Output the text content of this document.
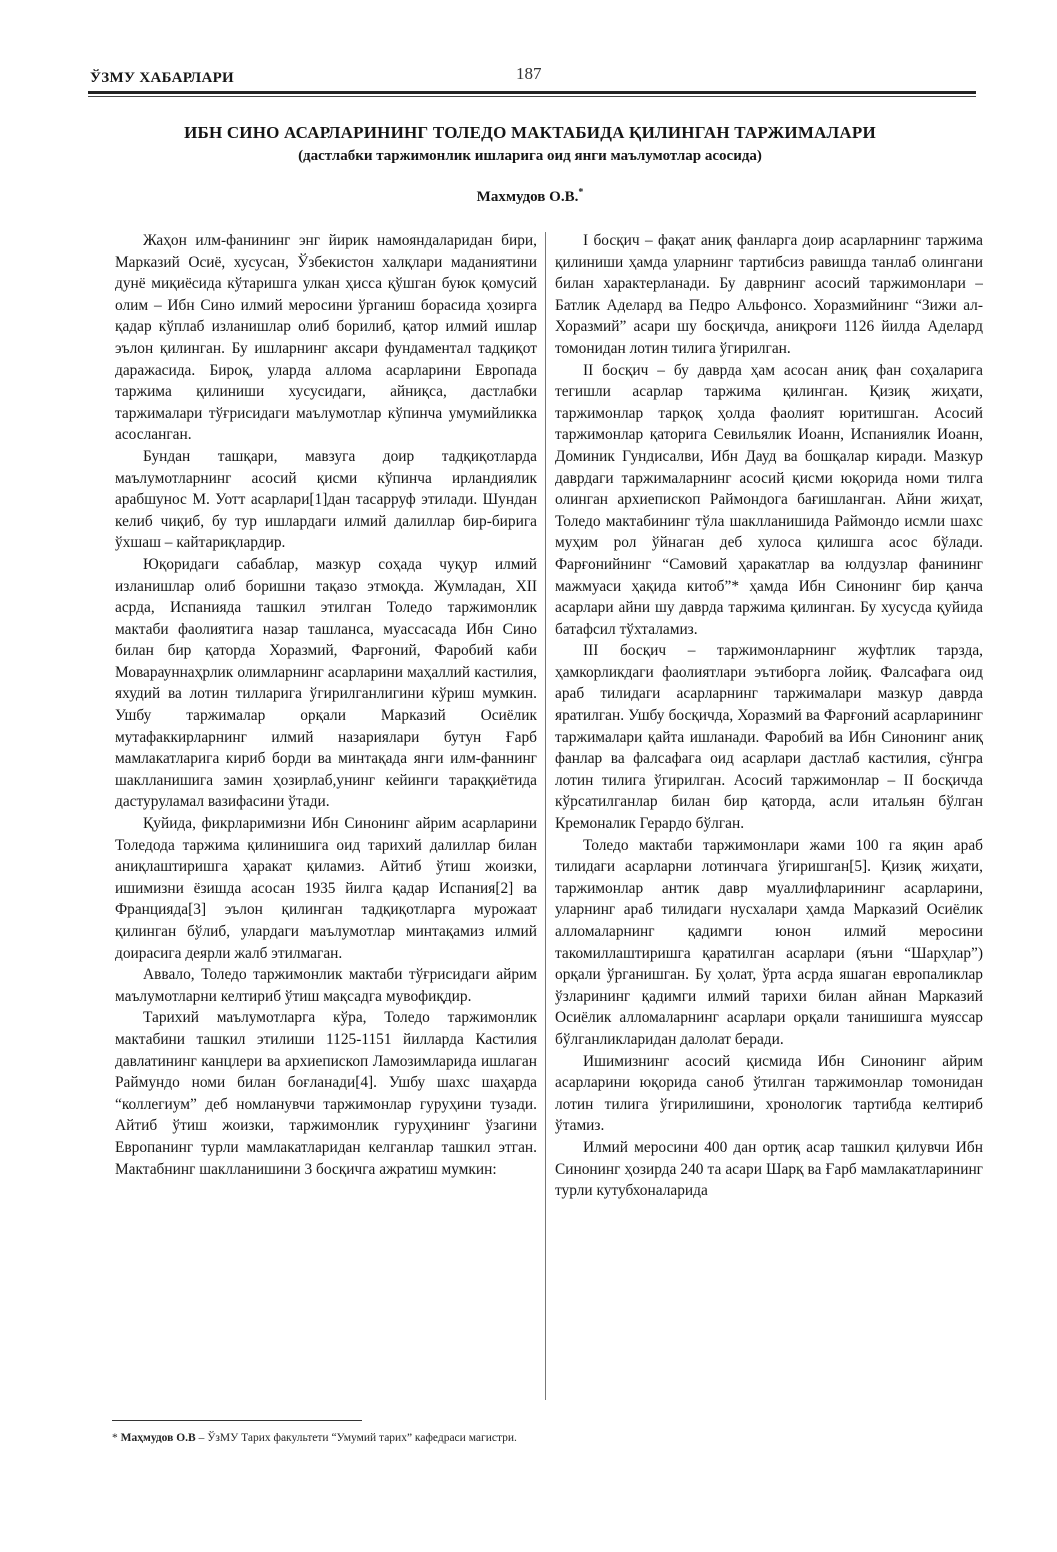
ЎЗМУ ХАБАРЛАРИ	187
ИБН СИНО АСАРЛАРИНИНГ ТОЛЕДО МАКТАБИДА ҚИЛИНГАН ТАРЖИМАЛАРИ
(дастлабки таржимонлик ишларига оид янги маълумотлар асосида)
Махмудов О.В.*

Жаҳон илм-фанининг энг йирик намояндаларидан бири, Марказий Осиё, хусусан, Ўзбекистон халқлари маданиятини дунё миқиёсида кўтаришга улкан ҳисса қўшган буюк қомусий олим – Ибн Сино илмий меросини ўрганиш борасида ҳозирга қадар кўплаб изланишлар олиб борилиб, қатор илмий ишлар эълон қилинган. Бу ишларнинг аксари фундаментал тадқиқот даражасида. Бироқ, уларда аллома асарларини Европада таржима қилиниши хусусидаги, айниқса, дастлабки таржималари тўғрисидаги маълумотлар кўпинча умумийликка асосланган.

Бундан ташқари, мавзуга доир тадқиқотларда маълумотларнинг асосий қисми кўпинча ирландиялик арабшунос М. Уотт асарлари[1]дан тасарруф этилади. Шундан келиб чиқиб, бу тур ишлардаги илмий далиллар бир-бирига ўхшаш – кайтариқлардир.

Юқоридаги сабаблар, мазкур соҳада чуқур илмий изланишлар олиб боришни тақазо этмоқда. Жумладан, XII асрда, Испанияда ташкил этилган Толедо таржимонлик мактаби фаолиятига назар ташланса, муассасада Ибн Сино билан бир қаторда Хоразмий, Фарғоний, Фаробий каби Моварауннаҳрлик олимларнинг асарларини маҳаллий кастилия, яхудий ва лотин тилларига ўгирилганлигини кўриш мумкин. Ушбу таржималар орқали Марказий Осиёлик мутафаккирларнинг илмий назариялари бутун Ғарб мамлакатларига кириб борди ва минтақада янги илм-фаннинг шаклланишига замин ҳозирлаб,унинг кейинги тараққиётида дастуруламал вазифасини ўтади.

Қуйида, фикрларимизни Ибн Синонинг айрим асарларини Толедода таржима қилинишига оид тарихий далиллар билан аниқлаштиришга ҳаракат қиламиз. Айтиб ўтиш жоизки, ишимизни ёзишда асосан 1935 йилга қадар Испания[2] ва Францияда[3] эълон қилинган тадқиқотларга мурожаат қилинган бўлиб, улардаги маълумотлар минтақамиз илмий доирасига деярли жалб этилмаган.

Аввало, Толедо таржимонлик мактаби тўғрисидаги айрим маълумотларни келтириб ўтиш мақсадга мувофиқдир.

Тарихий маълумотларга кўра, Толедо таржимонлик мактабини ташкил этилиши 1125-1151 йилларда Кастилия давлатининг канцлери ва архиепископ Ламозимларида ишлаган Раймундо номи билан боғланади[4]. Ушбу шахс шаҳарда “коллегиум” деб номланувчи таржимонлар гуруҳини тузади. Айтиб ўтиш жоизки, таржимонлик гуруҳининг ўзагини Европанинг турли мамлакатларидан келганлар ташкил этган. Мактабнинг шаклланишини 3 босқичга ажратиш мумкин:

I босқич – фақат аниқ фанларга доир асарларнинг таржима қилиниши ҳамда уларнинг тартибсиз равишда танлаб олингани билан характерланади. Бу даврнинг асосий таржимонлари – Батлик Аделард ва Педро Альфонсо. Хоразмийнинг “Зижи ал-Хоразмий” асари шу босқичда, аниқроғи 1126 йилда Аделард томонидан лотин тилига ўгирилган.

II босқич – бу даврда ҳам асосан аниқ фан соҳаларига тегишли асарлар таржима қилинган. Қизиқ жиҳати, таржимонлар тарқоқ ҳолда фаолият юритишган. Асосий таржимонлар қаторига Севильялик Иоанн, Испаниялик Иоанн, Доминик Гундисалви, Ибн Дауд ва бошқалар киради. Мазкур даврдаги таржималарнинг асосий қисми юқорида номи тилга олинган архиепископ Раймондога бағишланган. Айни жиҳат, Толедо мактабининг тўла шаклланишида Раймондо исмли шахс муҳим рол ўйнаган деб хулоса қилишга асос бўлади. Фарғонийнинг “Самовий ҳаракатлар ва юлдузлар фанининг мажмуаси ҳақида китоб”* ҳамда Ибн Синонинг бир қанча асарлари айни шу даврда таржима қилинган. Бу хусусда қуйида батафсил тўхталамиз.

III босқич – таржимонларнинг жуфтлик тарзда, ҳамкорликдаги фаолиятлари эътиборга лойиқ. Фалсафага оид араб тилидаги асарларнинг таржималари мазкур даврда яратилган. Ушбу босқичда, Хоразмий ва Фарғоний асарларининг таржималари қайта ишланади. Фаробий ва Ибн Синонинг аниқ фанлар ва фалсафага оид асарлари дастлаб кастилия, сўнгра лотин тилига ўгирилган. Асосий таржимонлар – II босқичда кўрсатилганлар билан бир қаторда, асли итальян бўлган Кремоналик Герардо бўлган.

Толедо мактаби таржимонлари жами 100 га яқин араб тилидаги асарларни лотинчага ўгиришган[5]. Қизиқ жиҳати, таржимонлар антик давр муаллифларининг асарларини, уларнинг араб тилидаги нусхалари ҳамда Марказий Осиёлик алломаларнинг қадимги юнон илмий меросини такомиллаштиришга қаратилган асарлари (яъни “Шарҳлар”) орқали ўрганишган. Бу ҳолат, ўрта асрда яшаган европаликлар ўзларининг қадимги илмий тарихи билан айнан Марказий Осиёлик алломаларнинг асарлари орқали танишишга муяссар бўлганликларидан далолат беради.

Ишимизнинг асосий қисмида Ибн Синонинг айрим асарларини юқорида саноб ўтилган таржимонлар томонидан лотин тилига ўгирилишини, хронологик тартибда келтириб ўтамиз.

Илмий меросини 400 дан ортиқ асар ташкил қилувчи Ибн Синонинг ҳозирда 240 та асари Шарқ ва Ғарб мамлакатларининг турли кутубхоналарида

* Маҳмудов О.В – ЎзМУ Тарих факультети “Умумий тарих” кафедраси магистри.
